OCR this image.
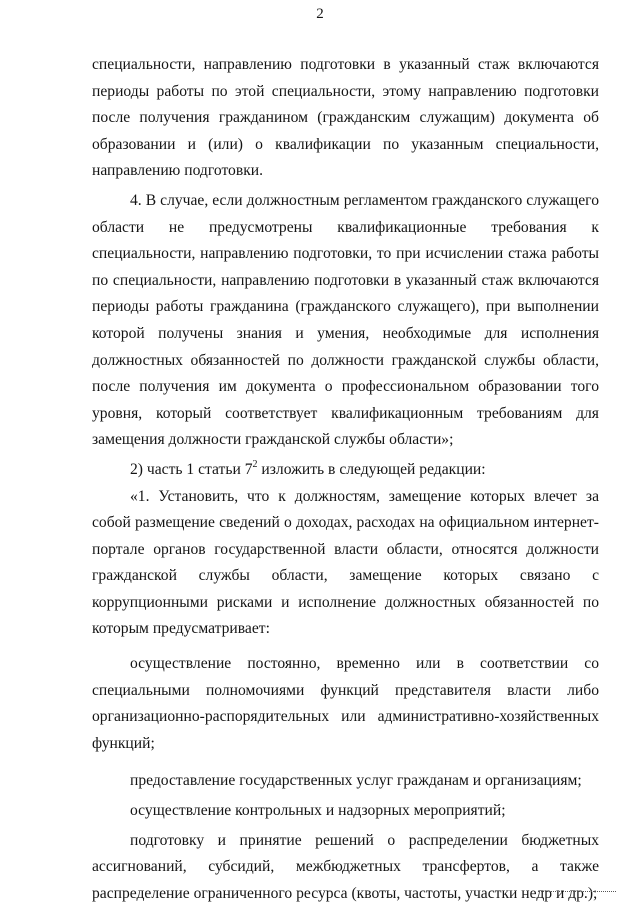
2

специальности, направлению подготовки в указанный стаж включаются периоды работы по этой специальности, этому направлению подготовки после получения гражданином (гражданским служащим) документа об образовании и (или) о квалификации по указанным специальности, направлению подготовки.

4. В случае, если должностным регламентом гражданского служащего области не предусмотрены квалификационные требования к специальности, направлению подготовки, то при исчислении стажа работы по специальности, направлению подготовки в указанный стаж включаются периоды работы гражданина (гражданского служащего), при выполнении которой получены знания и умения, необходимые для исполнения должностных обязанностей по должности гражданской службы области, после получения им документа о профессиональном образовании того уровня, который соответствует квалификационным требованиям для замещения должности гражданской службы области»;

2) часть 1 статьи $7^2$ изложить в следующей редакции:

«1. Установить, что к должностям, замещение которых влечет за собой размещение сведений о доходах, расходах на официальном интернет-портале органов государственной власти области, относятся должности гражданской службы области, замещение которых связано с коррупционными рисками и исполнение должностных обязанностей по которым предусматривает:

осуществление постоянно, временно или в соответствии со специальными полномочиями функций представителя власти либо организационно-распорядительных или административно-хозяйственных функций;

предоставление государственных услуг гражданам и организациям;

осуществление контрольных и надзорных мероприятий;

подготовку и принятие решений о распределении бюджетных ассигнований, субсидий, межбюджетных трансфертов, а также распределение ограниченного ресурса (квоты, частоты, участки недр и др.);
